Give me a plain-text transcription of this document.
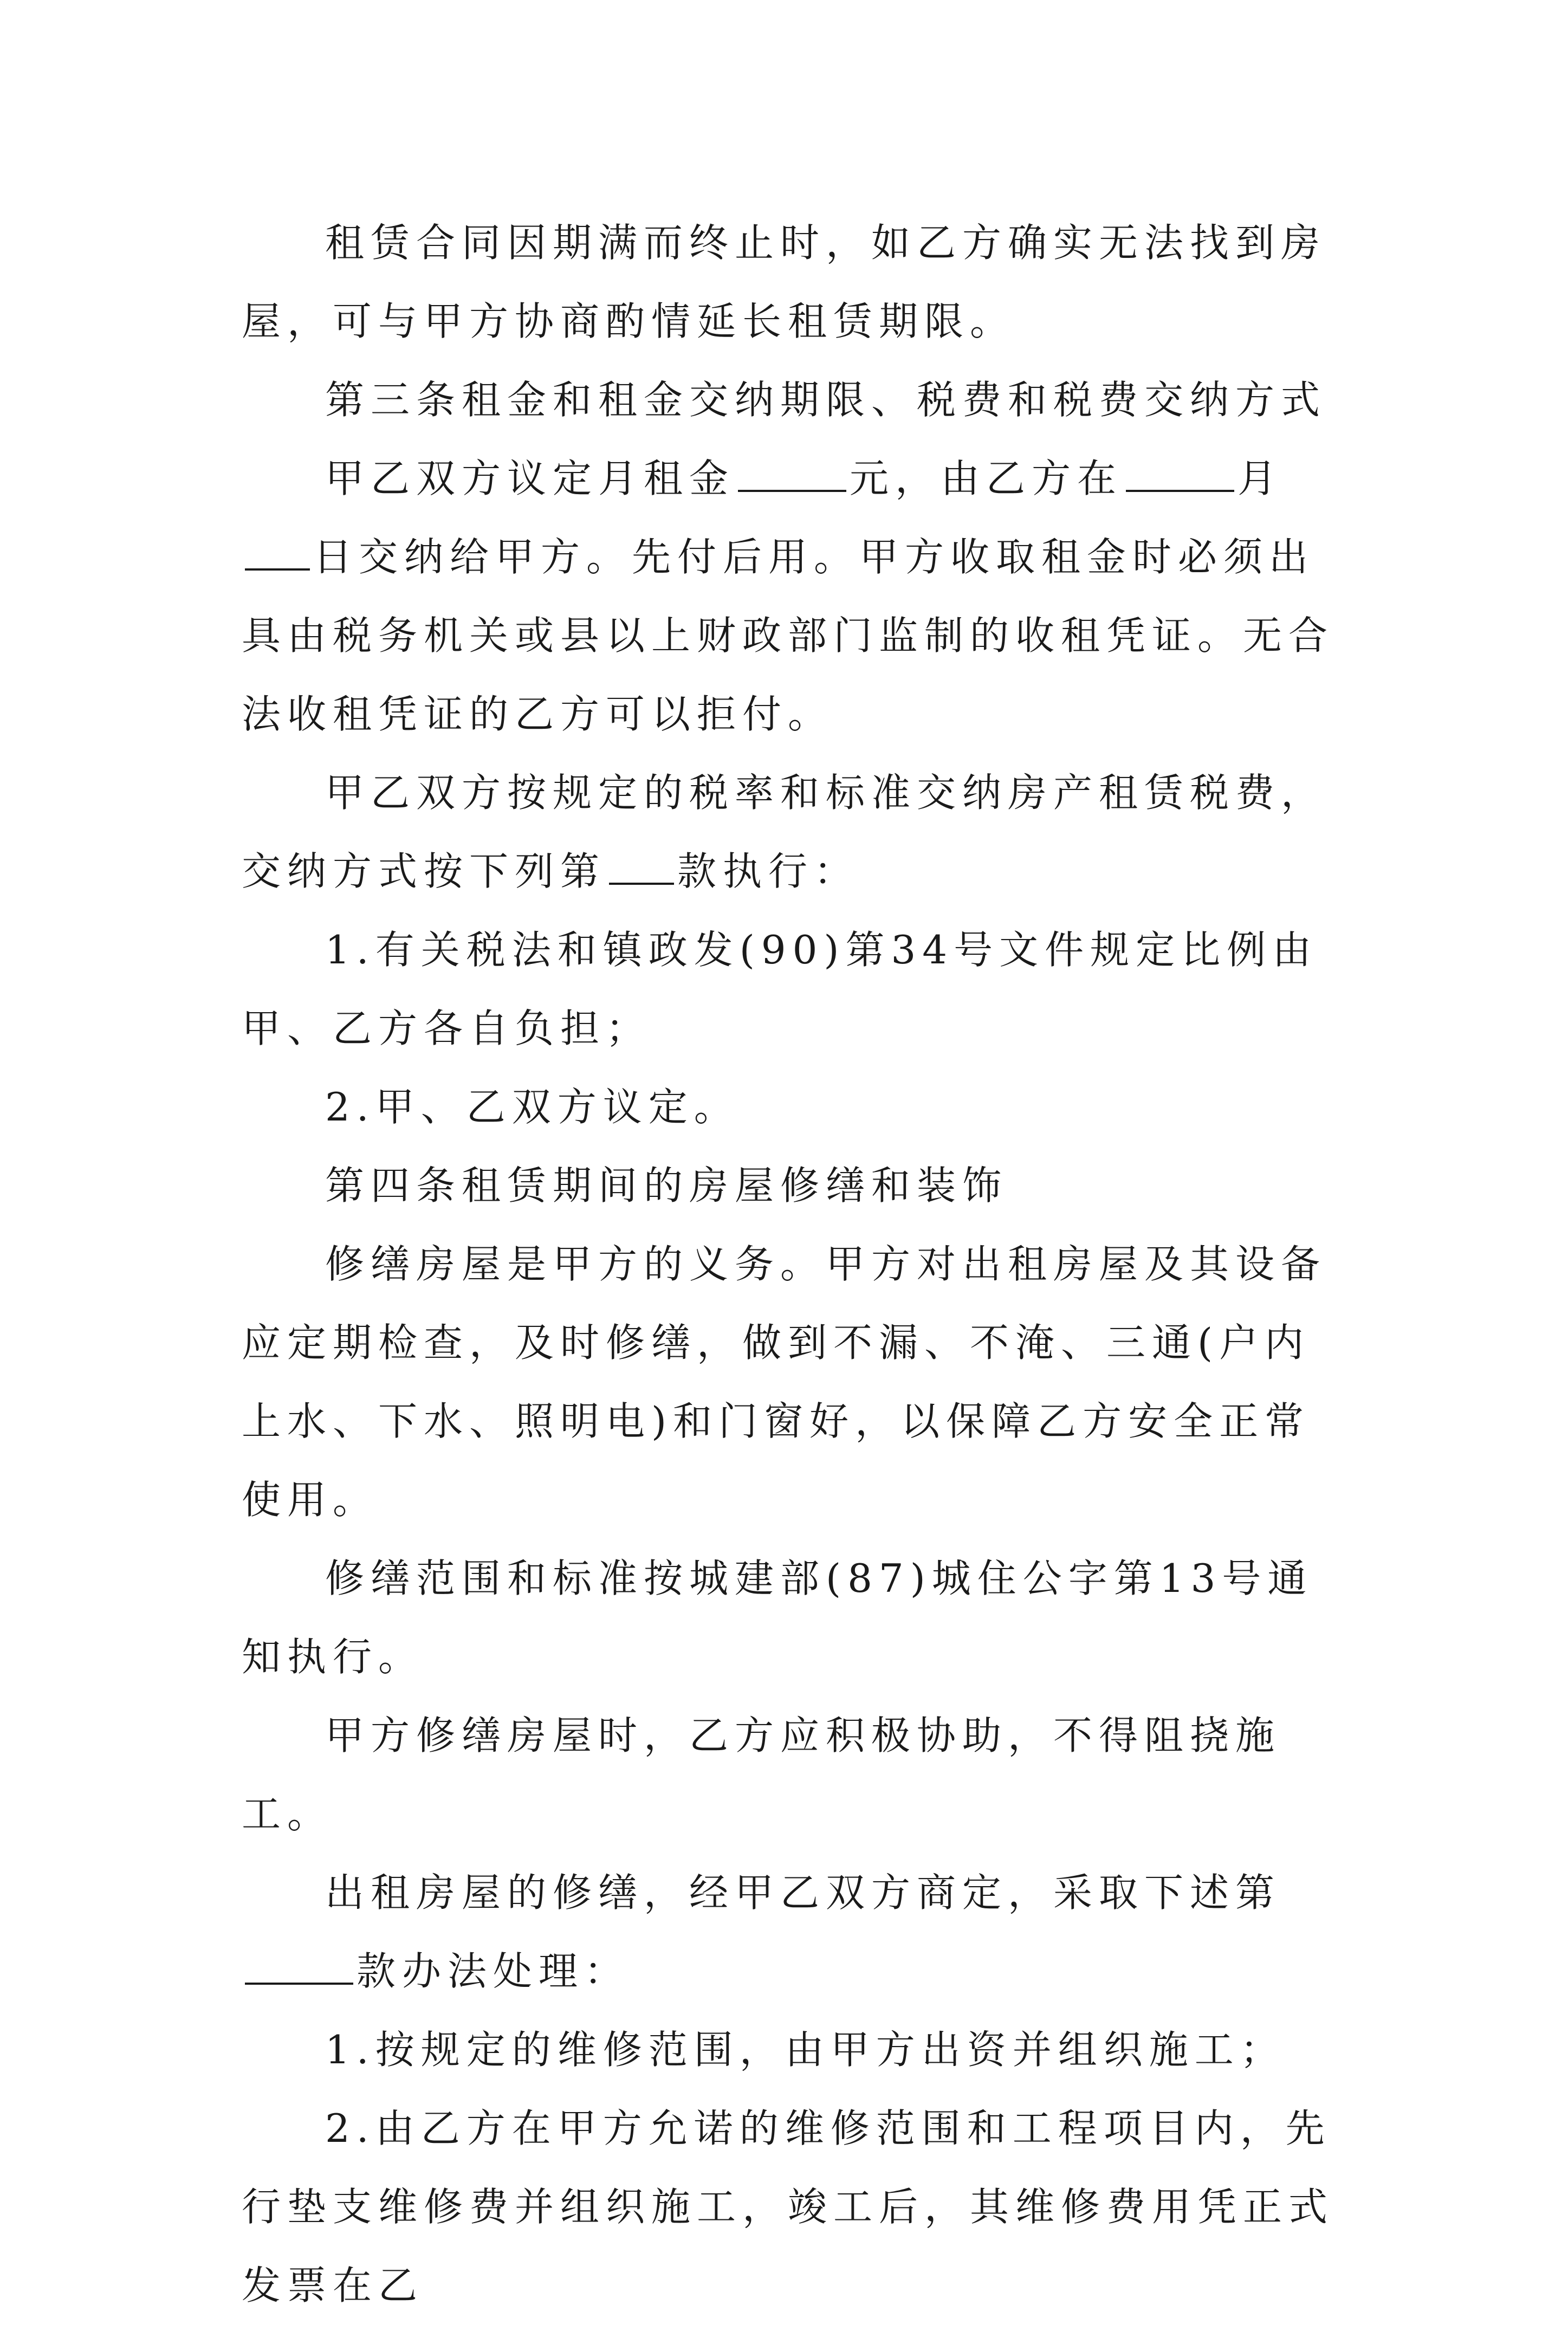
租赁合同因期满而终止时，如乙方确实无法找到房屋，可与甲方协商酌情延长租赁期限。

第三条租金和租金交纳期限、税费和税费交纳方式

甲乙双方议定月租金	元，由乙方在	月日交纳给甲方。先付后用。甲方收取租金时必须出具由税务机关或县以上财政部门监制的收租凭证。无合法收租凭证的乙方可以拒付。

甲乙双方按规定的税率和标准交纳房产租赁税费，交纳方式按下列第 款执行：

1.有关税法和镇政发(90)第34号文件规定比例由甲、乙方各自负担；

2.甲、乙双方议定。

第四条租赁期间的房屋修缮和装饰

修缮房屋是甲方的义务。甲方对出租房屋及其设备应定期检查，及时修缮，做到不漏、不淹、三通(户内上水、下水、照明电)和门窗好，以保障乙方安全正常使用。

修缮范围和标准按城建部(87)城住公字第13号通知执行。

甲方修缮房屋时，乙方应积极协助，不得阻挠施工。

出租房屋的修缮，经甲乙双方商定，采取下述第款办法处理：

1.按规定的维修范围，由甲方出资并组织施工；

2.由乙方在甲方允诺的维修范围和工程项目内，先行垫支维修费并组织施工，竣工后，其维修费用凭正式发票在乙
